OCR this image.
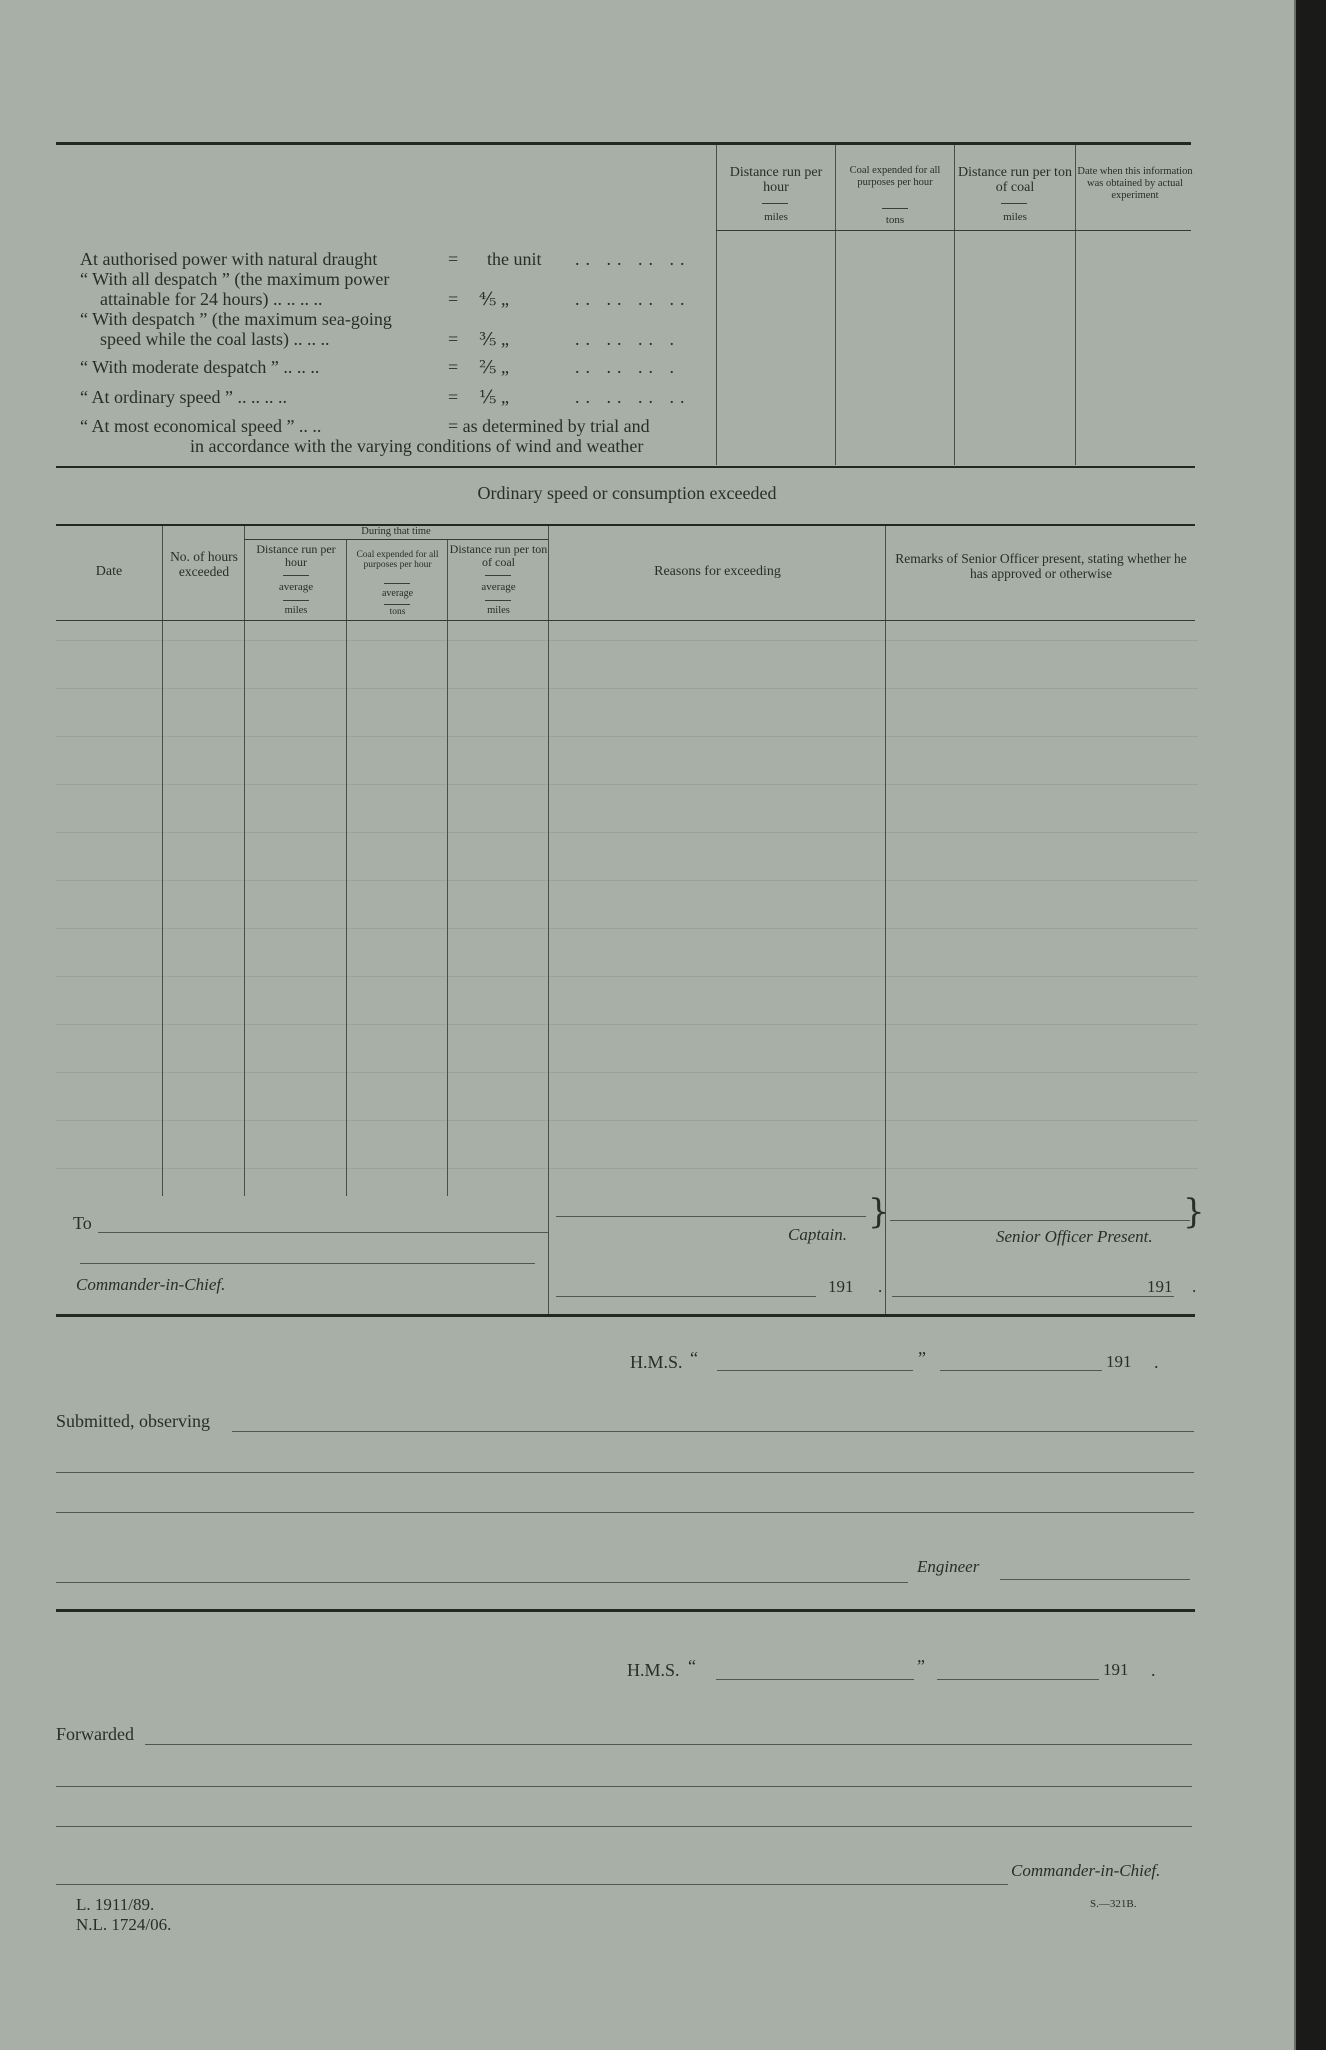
Distance run per hour
miles
Coal expended for all purposes per hour
tons
Distance run per ton of coal
miles
Date when this information was obtained by actual experiment
At authorised power with natural draught	= the unit .. .. .. ..
“ With all despatch ” (the maximum power
attainable for 24 hours) .. .. .. ..	= ⅘ „	.. .. .. ..
“ With despatch ” (the maximum sea-going
speed while the coal lasts) .. .. ..	= ⅗ „	.. .. .. .
“ With moderate despatch ” .. .. ..	= ⅖ „	.. .. .. .
“ At ordinary speed ” .. .. .. ..	= ⅕ „	.. .. .. ..
“ At most economical speed ” .. ..	= as determined by trial and
in accordance with the varying conditions of wind and weather
Ordinary speed or consumption exceeded
Date
No. of hours exceeded
During that time
Distance run per hour
average
miles
Coal expended for all purposes per hour
average
tons
Distance run per ton of coal
average
miles
Reasons for exceeding
Remarks of Senior Officer present, stating whether he has approved or otherwise
To
Commander-in-Chief.
Captain.
}
191 .
Senior Officer Present.
}
191 .
H.M.S. “	”	191 .
Submitted, observing
Engineer
H.M.S. “	”	191 .
Forwarded
Commander-in-Chief.
L. 1911/89.
N.L. 1724/06.
S.—321B.
